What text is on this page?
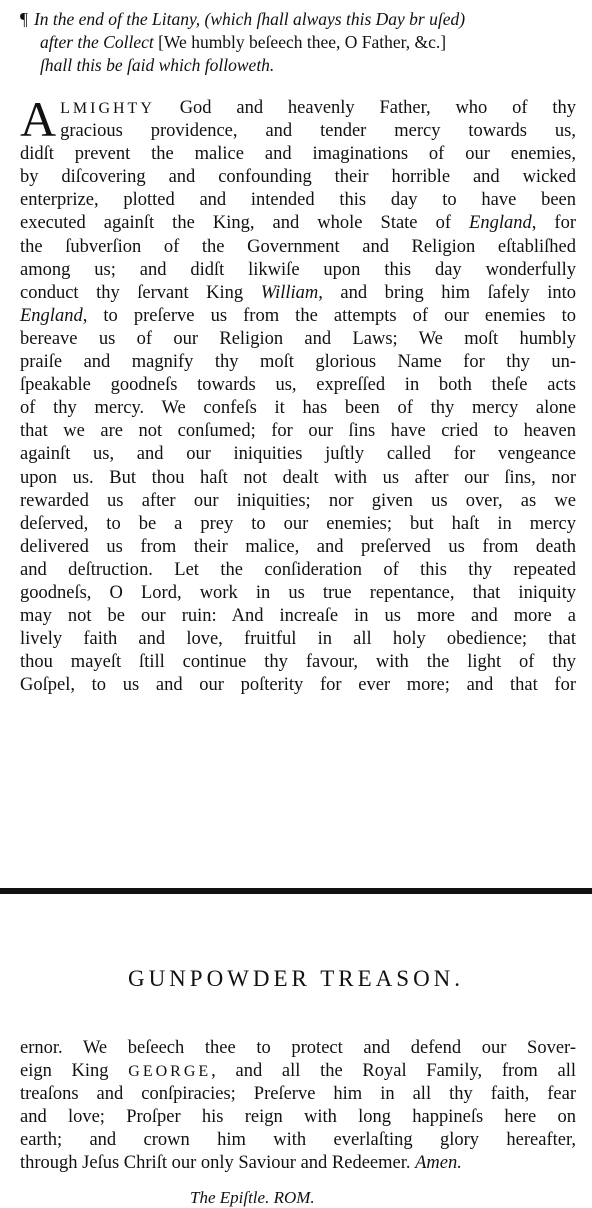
¶ In the end of the Litany, (which ſhall always this Day br uſed)
after the Collect [We humbly beſeech thee, O Father, &c.]
ſhall this be ſaid which followeth.
A LMIGHTY God and heavenly Father, who of thy
gracious providence, and tender mercy towards us,
didſt prevent the malice and imaginations of our enemies,
by diſcovering and confounding their horrible and wicked
enterprize, plotted and intended this day to have been
executed againſt the King, and whole State of England, for
the ſubverſion of the Government and Religion eſtabliſhed
among us; and didſt likwiſe upon this day wonderfully
conduct thy ſervant King William, and bring him ſafely into
England, to preſerve us from the attempts of our enemies to
bereave us of our Religion and Laws; We moſt humbly
praiſe and magnify thy moſt glorious Name for thy un-
ſpeakable goodneſs towards us, expreſſed in both theſe acts
of thy mercy. We confeſs it has been of thy mercy alone
that we are not conſumed; for our ſins have cried to heaven
againſt us, and our iniquities juſtly called for vengeance
upon us. But thou haſt not dealt with us after our ſins, nor
rewarded us after our iniquities; nor given us over, as we
deſerved, to be a prey to our enemies; but haſt in mercy
delivered us from their malice, and preſerved us from death
and deſtruction. Let the conſideration of this thy repeated
goodneſs, O Lord, work in us true repentance, that iniquity
may not be our ruin: And increaſe in us more and more a
lively faith and love, fruitful in all holy obedience; that
thou mayeſt ſtill continue thy favour, with the light of thy
Goſpel, to us and our poſterity for ever more; and that for
GUNPOWDER TREASON.
ernor. We beſeech thee to protect and defend our Sover-
eign King GEORGE, and all the Royal Family, from all
treaſons and conſpiracies; Preſerve him in all thy faith, fear
and love; Proſper his reign with long happineſs here on
earth; and crown him with everlaſting glory hereafter,
through Jeſus Chriſt our only Saviour and Redeemer. Amen.
The Epiſtle. ROM.
